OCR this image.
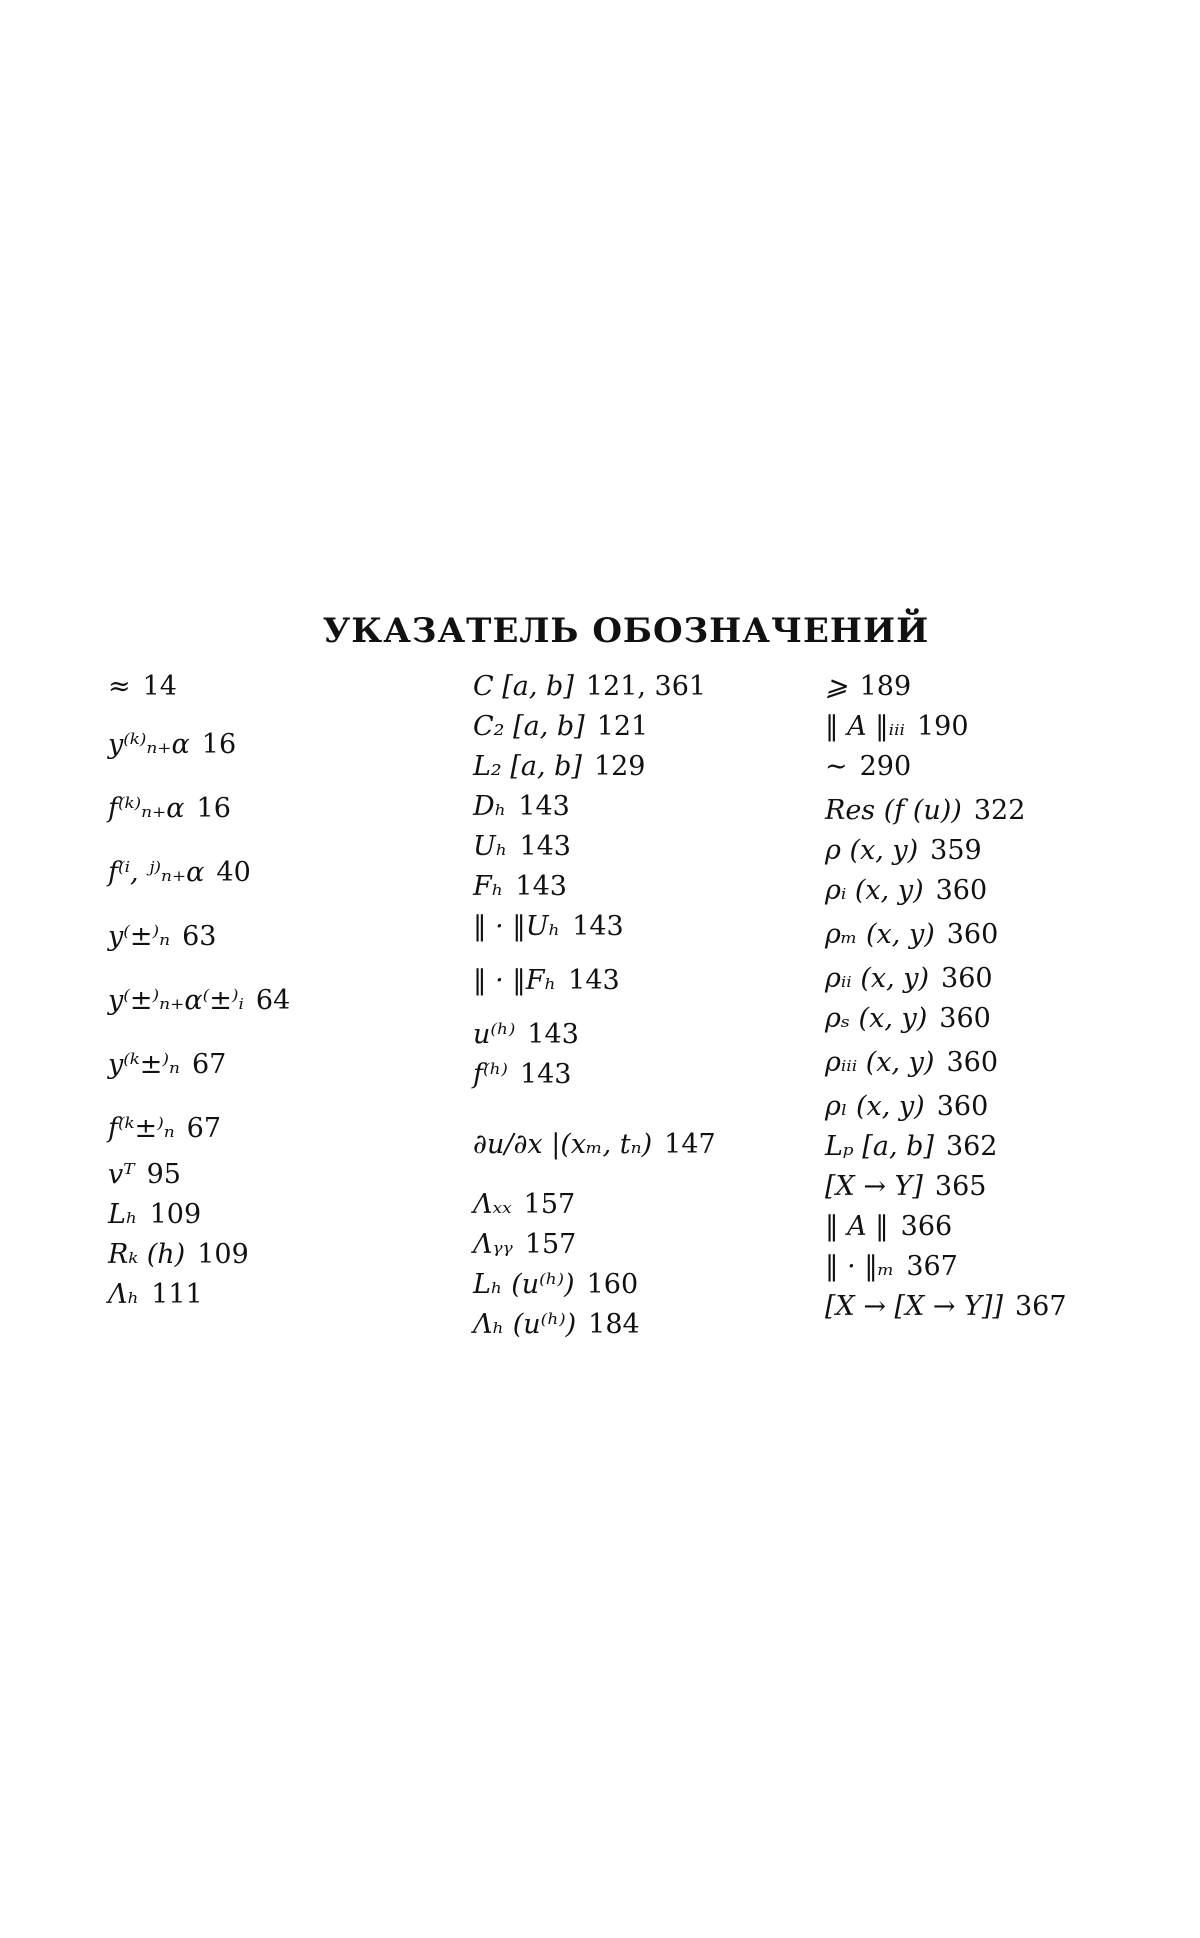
УКАЗАТЕЛЬ ОБОЗНАЧЕНИЙ
≈ 14
y⁽ᵏ⁾ₙ₊α 16
f⁽ᵏ⁾ₙ₊α 16
f⁽ⁱ, ʲ⁾ₙ₊α 40
y⁽±⁾ₙ 63
y⁽±⁾ₙ₊α⁽±⁾ᵢ 64
y⁽ᵏ±⁾ₙ 67
f⁽ᵏ±⁾ₙ 67
vᵀ 95
Lₕ 109
Rₖ (h) 109
Λₕ 111
C [a, b] 121, 361
C₂ [a, b] 121
L₂ [a, b] 129
Dₕ 143
Uₕ 143
Fₕ 143
‖ · ‖Uₕ 143
‖ · ‖Fₕ 143
u⁽ʰ⁾ 143
f⁽ʰ⁾ 143
∂u/∂x |(xₘ, tₙ) 147
Λₓₓ 157
Λᵧᵧ 157
Lₕ (u⁽ʰ⁾) 160
Λₕ (u⁽ʰ⁾) 184
⩾ 189
‖ A ‖ᵢᵢᵢ 190
∼ 290
Res (f (u)) 322
ρ (x, y) 359
ρᵢ (x, y) 360
ρₘ (x, y) 360
ρᵢᵢ (x, y) 360
ρₛ (x, y) 360
ρᵢᵢᵢ (x, y) 360
ρₗ (x, y) 360
Lₚ [a, b] 362
[X → Y] 365
‖ A ‖ 366
‖ · ‖ₘ 367
[X → [X → Y]] 367
